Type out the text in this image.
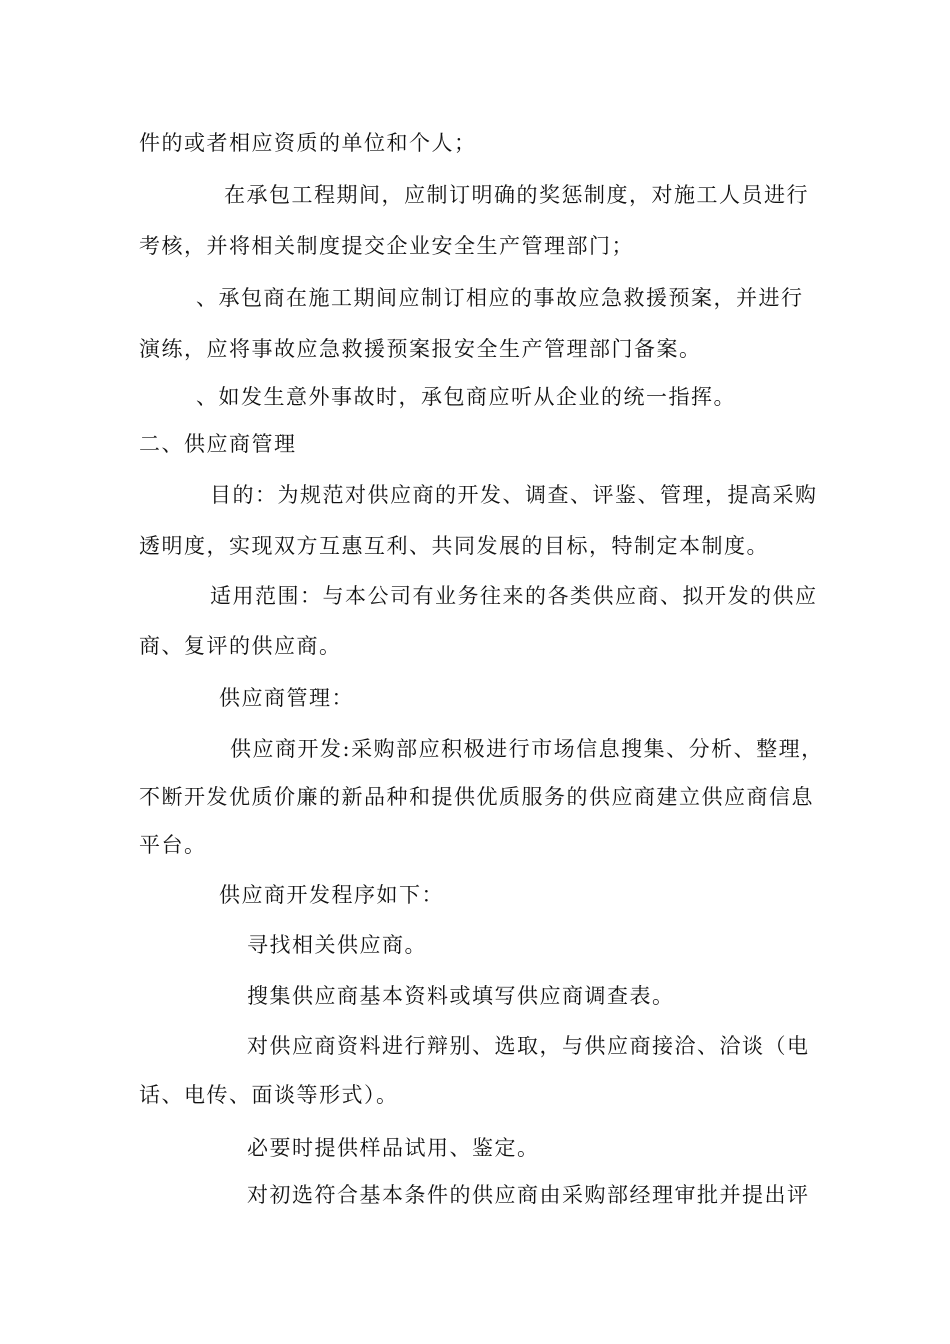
件的或者相应资质的单位和个人；
在承包工程期间，应制订明确的奖惩制度，对施工人员进行
考核，并将相关制度提交企业安全生产管理部门；
、承包商在施工期间应制订相应的事故应急救援预案，并进行
演练，应将事故应急救援预案报安全生产管理部门备案。
、如发生意外事故时，承包商应听从企业的统一指挥。
二、供应商管理
目的：为规范对供应商的开发、调查、评鉴、管理，提高采购
透明度，实现双方互惠互利、共同发展的目标，特制定本制度。
适用范围：与本公司有业务往来的各类供应商、拟开发的供应
商、复评的供应商。
供应商管理：
供应商开发:采购部应积极进行市场信息搜集、分析、整理，
不断开发优质价廉的新品种和提供优质服务的供应商建立供应商信息
平台。
供应商开发程序如下：
寻找相关供应商。
搜集供应商基本资料或填写供应商调查表。
对供应商资料进行辩别、选取，与供应商接洽、洽谈（电
话、电传、面谈等形式）。
必要时提供样品试用、鉴定。
对初选符合基本条件的供应商由采购部经理审批并提出评
